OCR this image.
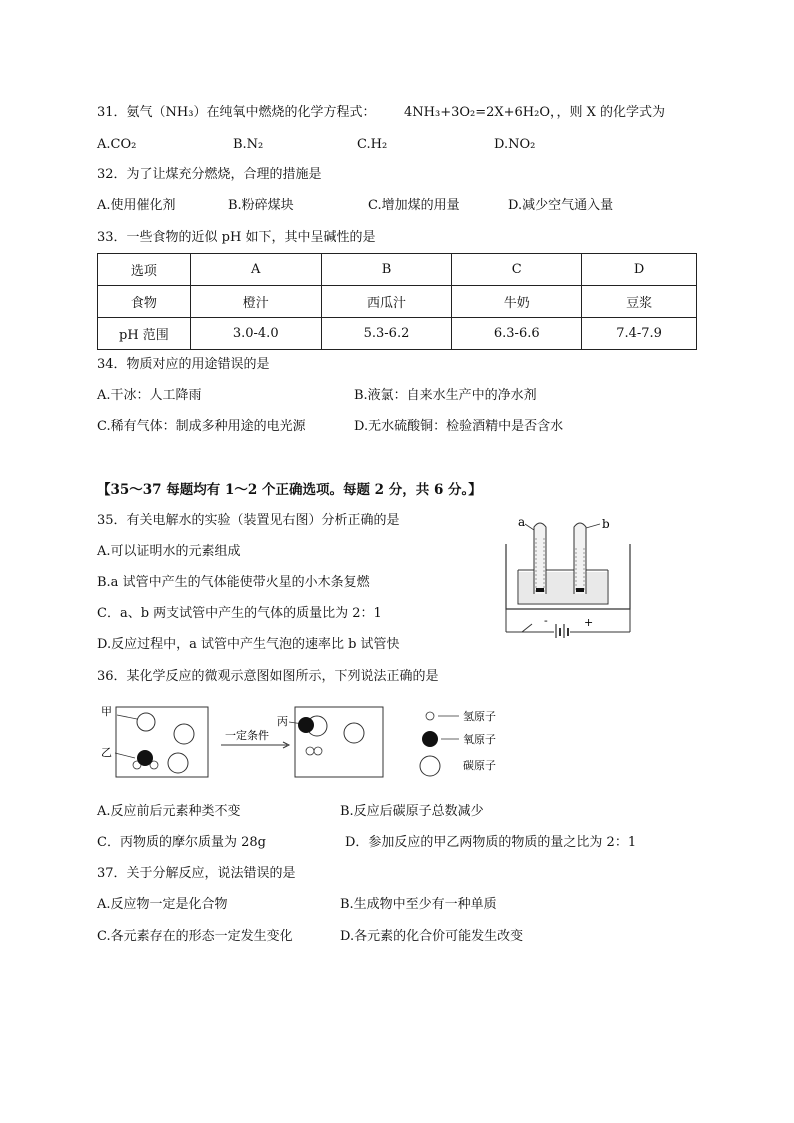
31．氨气（NH₃）在纯氧中燃烧的化学方程式： 4NH₃+3O₂=2X+6H₂O，，则 X 的化学式为
A.CO₂	B.N₂	C.H₂	D.NO₂
32．为了让煤充分燃烧，合理的措施是
A.使用催化剂	B.粉碎煤块	C.增加煤的用量	D.减少空气通入量
33．一些食物的近似 pH 如下，其中呈碱性的是
选项	A	B	C	D
食物	橙汁	西瓜汁	牛奶	豆浆
pH 范围	3.0-4.0	5.3-6.2	6.3-6.6	7.4-7.9
34．物质对应的用途错误的是
A.干冰：人工降雨	B.液氯：自来水生产中的净水剂
C.稀有气体：制成多种用途的电光源	D.无水硫酸铜：检验酒精中是否含水
【35～37 每题均有 1～2 个正确选项。每题 2 分，共 6 分。】
35．有关电解水的实验（装置见右图）分析正确的是
A.可以证明水的元素组成
B.a 试管中产生的气体能使带火星的小木条复燃
C．a、b 两支试管中产生的气体的质量比为 2：1
D.反应过程中，a 试管中产生气泡的速率比 b 试管快
a	b
-	+
36．某化学反应的微观示意图如图所示，下列说法正确的是
甲
乙
一定条件
丙	氢原子
氧原子
碳原子
A.反应前后元素种类不变	B.反应后碳原子总数减少
C．丙物质的摩尔质量为 28g	D．参加反应的甲乙两物质的物质的量之比为 2：1
37．关于分解反应，说法错误的是
A.反应物一定是化合物	B.生成物中至少有一种单质
C.各元素存在的形态一定发生变化	D.各元素的化合价可能发生改变
